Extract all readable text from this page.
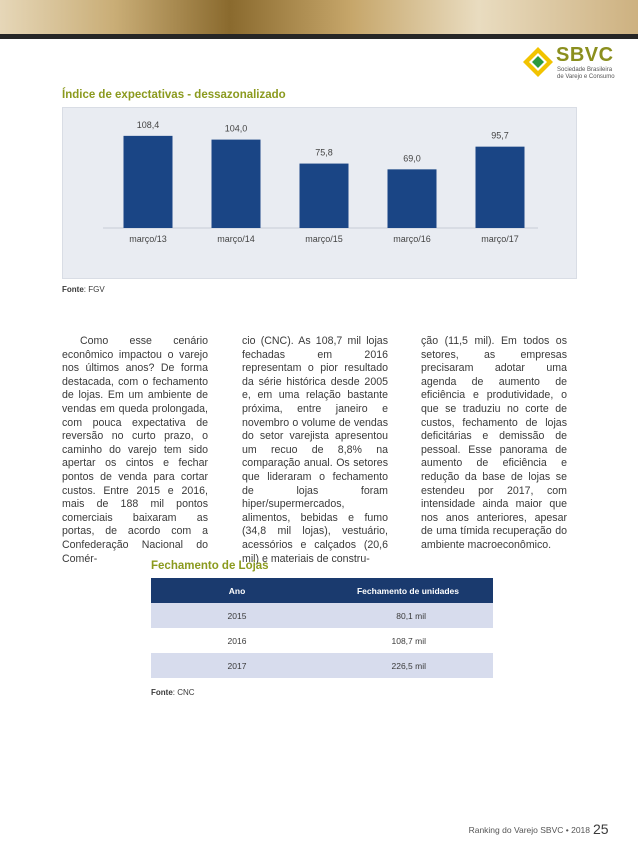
SBVC
Sociedade Brasileira
de Varejo e Consumo
Índice de expectativas - dessazonalizado
108,4
março/13
104,0
março/14
75,8
março/15
69,0
março/16
95,7
março/17
Fonte: FGV
Como esse cenário econômico impactou o varejo nos últimos anos? De forma destacada, com o fechamento de lojas. Em um ambiente de vendas em queda prolongada, com pouca expectativa de reversão no curto prazo, o caminho do varejo tem sido apertar os cintos e fechar pontos de venda para cortar custos. Entre 2015 e 2016, mais de 188 mil pontos comerciais baixaram as portas, de acordo com a Confederação Nacional do Comér-
cio (CNC). As 108,7 mil lojas fechadas em 2016 representam o pior resultado da série histórica desde 2005 e, em uma relação bastante próxima, entre janeiro e novembro o volume de vendas do setor varejista apresentou um recuo de 8,8% na comparação anual. Os setores que lideraram o fechamento de lojas foram hiper/supermercados, alimentos, bebidas e fumo (34,8 mil lojas), vestuário, acessórios e calçados (20,6 mil) e materiais de constru-
ção (11,5 mil). Em todos os setores, as empresas precisaram adotar uma agenda de aumento de eficiência e produtividade, o que se traduziu no corte de custos, fechamento de lojas deficitárias e demissão de pessoal. Esse panorama de aumento de eficiência e redução da base de lojas se estendeu por 2017, com intensidade ainda maior que nos anos anteriores, apesar de uma tímida recuperação do ambiente macroeconômico.
Fechamento de Lojas
Ano	Fechamento de unidades
2015	80,1 mil
2016	108,7 mil
2017	226,5 mil
Fonte: CNC
Ranking do Varejo SBVC • 2018 25
